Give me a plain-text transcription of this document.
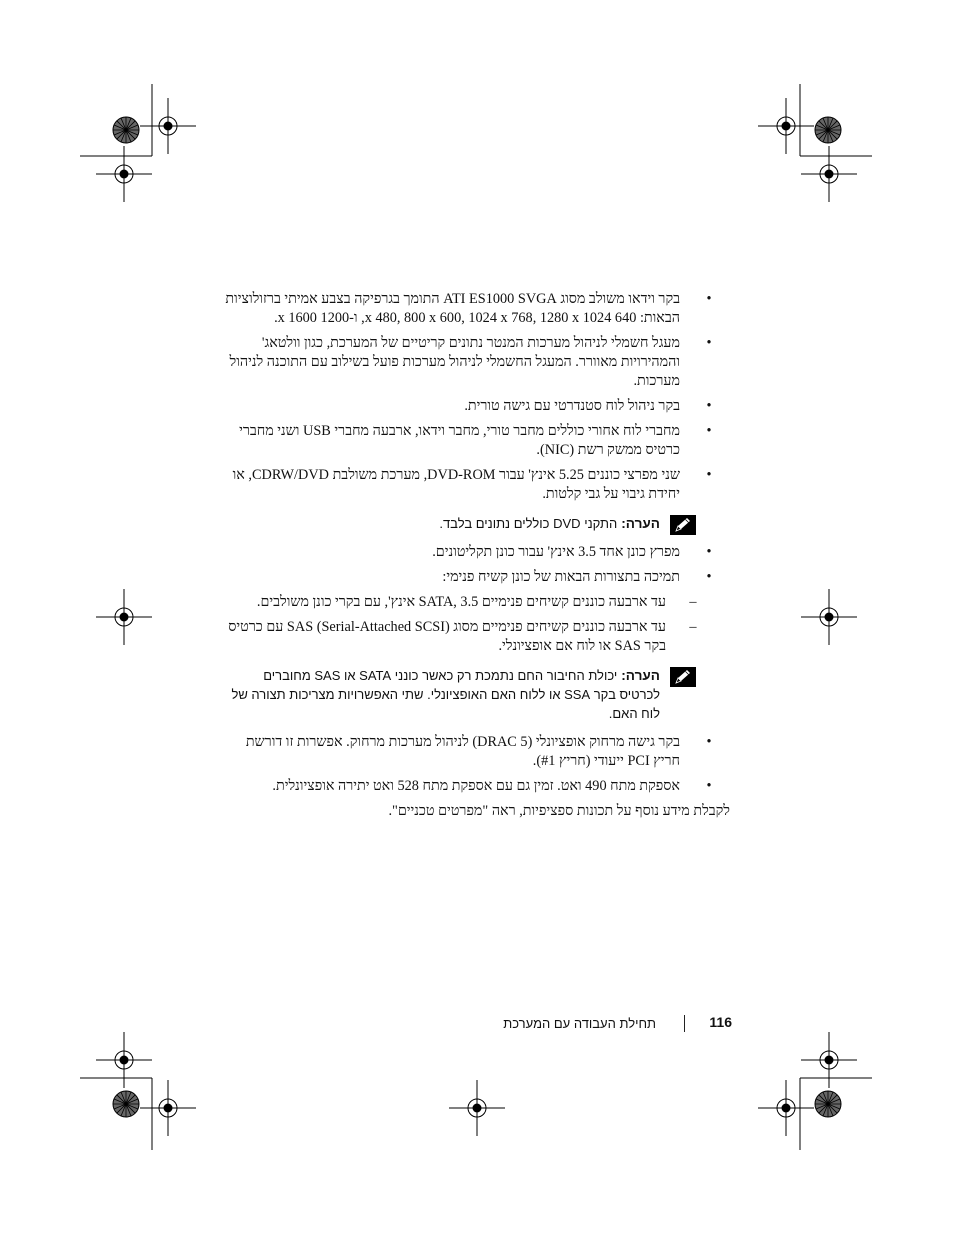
•
בקר וידאו משולב מסוג ATI ES1000 SVGA התומך בגרפיקה בצבע אמיתי ברזולוציות הבאות: 640 x 480, 800 x 600, 1024 x 768, 1280 x 1024, ו-1200 x 1600.
•
מעגל חשמלי לניהול מערכות המנטר נתונים קריטיים של המערכת, כגון וולטאג' והמהירויות מאוורר. המעגל החשמלי לניהול מערכות פועל בשילוב עם התוכנה לניהול מערכות.
•
בקר ניהול לוח סטנדרטי עם גישה טורית.
•
מחברי לוח אחורי כוללים מחבר טורי, מחבר וידאו, ארבעה מחברי USB ושני מחברי כרטיס ממשק רשת (NIC).
•
שני מפרצי כוננים 5.25 אינץ' עבור DVD-ROM, מערכת משולבת CDRW/DVD, או יחידת גיבוי על גבי קלטות.
הערה:התקני DVD כוללים נתונים בלבד.
•
מפרץ כונן אחד 3.5 אינץ' עבור כונן תקליטונים.
•
תמיכה בתצורות הבאות של כונן קשיח פנימי:
–
עד ארבעה כוננים קשיחים פנימיים SATA, 3.5 אינץ', עם בקרי כונן משולבים.
–
עד ארבעה כוננים קשיחים פנימיים מסוג SAS (Serial-Attached SCSI) עם כרטיס בקר SAS או לוח אם אופציונלי.
הערה:יכולת החיבור החם נתמכת רק כאשר כונני SATA או SAS מחוברים לכרטיס בקר SSA או ללוח האם האופציונלי. שתי האפשרויות מצריכות תצורה של לוח האם.
•
בקר גישה מרחוק אופציונלי (DRAC 5) לניהול מערכות מרחוק. אפשרות זו דורשת חריץ PCI ייעודי (חריץ #1).
•
אספקת מתח 490 ואט. זמין גם עם אספקת מתח 528 ואט יתירה אופציונלית.
לקבלת מידע נוסף על תכונות ספציפיות, ראה "מפרטים טכניים".
116
תחילת העבודה עם המערכת
